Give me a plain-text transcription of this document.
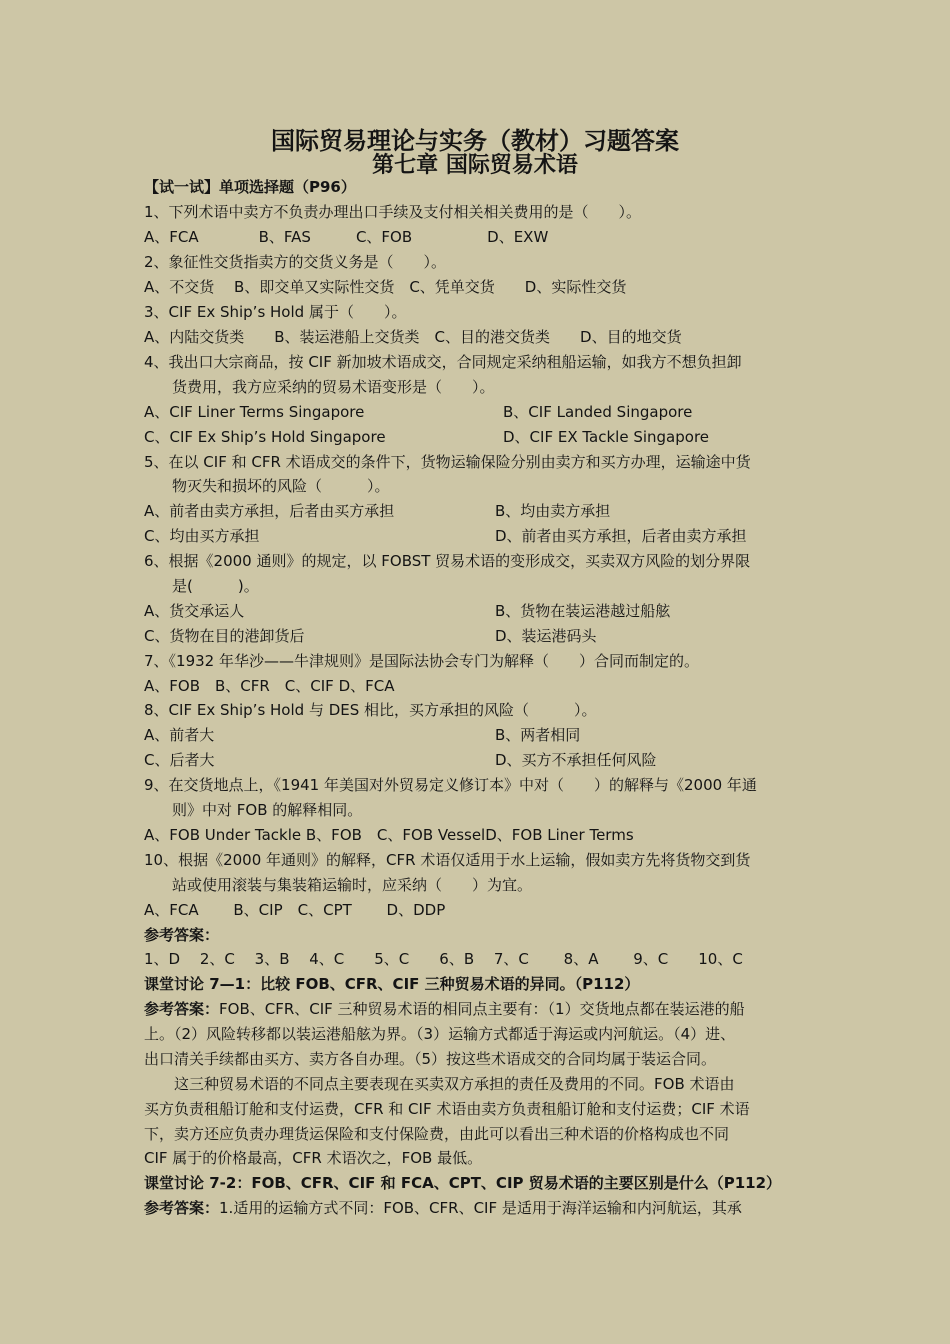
国际贸易理论与实务（教材）习题答案
第七章 国际贸易术语

【试一试】单项选择题（P96）

1、下列术语中卖方不负责办理出口手续及支付相关相关费用的是（　　）。

A、FCA　　　　B、FAS　　　C、FOB　　　　　D、EXW

2、象征性交货指卖方的交货义务是（　　）。

A、不交货　 B、即交单又实际性交货　C、凭单交货　　D、实际性交货

3、CIF Ex Ship’s Hold 属于（　　）。

A、内陆交货类　　B、装运港船上交货类　C、目的港交货类　　D、目的地交货

4、我出口大宗商品，按 CIF 新加坡术语成交，合同规定采纳租船运输，如我方不想负担卸

货费用，我方应采纳的贸易术语变形是（　　）。

A、CIF Liner Terms Singapore	B、CIF Landed Singapore

C、CIF Ex Ship’s Hold Singapore	D、CIF EX Tackle Singapore

5、在以 CIF 和 CFR 术语成交的条件下，货物运输保险分别由卖方和买方办理，运输途中货

物灭失和损坏的风险（　　　）。

A、前者由卖方承担，后者由买方承担	B、均由卖方承担

C、均由买方承担	D、前者由买方承担，后者由卖方承担

6、根据《2000 通则》的规定，以 FOBST 贸易术语的变形成交，买卖双方风险的划分界限

是(　　　)。

A、货交承运人	B、货物在装运港越过船舷

C、货物在目的港卸货后	D、装运港码头

7、《1932 年华沙——牛津规则》是国际法协会专门为解释（　　）合同而制定的。

A、FOB　B、CFR　C、CIF D、FCA

8、CIF Ex Ship’s Hold 与 DES 相比，买方承担的风险（　　　）。

A、前者大	B、两者相同

C、后者大	D、买方不承担任何风险

9、在交货地点上，《1941 年美国对外贸易定义修订本》中对（　　）的解释与《2000 年通

则》中对 FOB 的解释相同。

A、FOB Under Tackle B、FOB　C、FOB VesselD、FOB Liner Terms

10、根据《2000 年通则》的解释，CFR 术语仅适用于水上运输，假如卖方先将货物交到货

站或使用滚装与集装箱运输时，应采纳（　　）为宜。

A、FCA　　 B、CIP　C、CPT　　 D、DDP

参考答案：

1、D　 2、C　 3、B　 4、C　　5、C　　6、B　 7、C　　 8、A　　 9、C　　10、C

课堂讨论 7—1：比较 FOB、CFR、CIF 三种贸易术语的异同。（P112）

参考答案：FOB、CFR、CIF 三种贸易术语的相同点主要有：（1）交货地点都在装运港的船

上。（2）风险转移都以装运港船舷为界。（3）运输方式都适于海运或内河航运。（4）进、

出口清关手续都由买方、卖方各自办理。（5）按这些术语成交的合同均属于装运合同。

　　这三种贸易术语的不同点主要表现在买卖双方承担的责任及费用的不同。FOB 术语由

买方负责租船订舱和支付运费，CFR 和 CIF 术语由卖方负责租船订舱和支付运费；CIF 术语

下，卖方还应负责办理货运保险和支付保险费，由此可以看出三种术语的价格构成也不同

CIF 属于的价格最高，CFR 术语次之，FOB 最低。

课堂讨论 7-2：FOB、CFR、CIF 和 FCA、CPT、CIP 贸易术语的主要区别是什么（P112）

参考答案：1.适用的运输方式不同：FOB、CFR、CIF 是适用于海洋运输和内河航运，其承
